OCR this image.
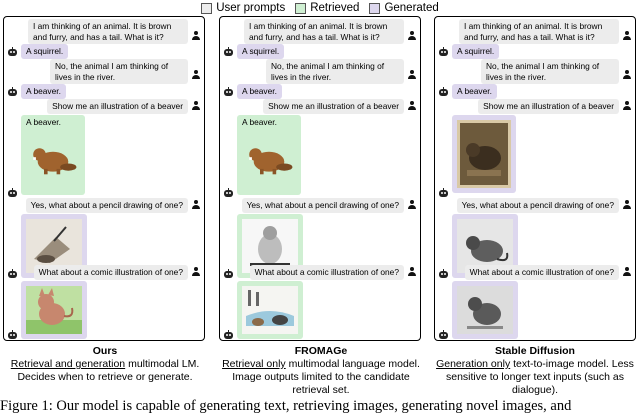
User prompts Retrieved Generated
I am thinking of an animal. It is brown and furry, and has a tail. What is it?
A squirrel.
No, the animal I am thinking of lives in the river.
A beaver.
Show me an illustration of a beaver
A beaver.
Yes, what about a pencil drawing of one?
What about a comic illustration of one?
I am thinking of an animal. It is brown and furry, and has a tail. What is it?
A squirrel.
No, the animal I am thinking of lives in the river.
A beaver.
Show me an illustration of a beaver
A beaver.
Yes, what about a pencil drawing of one?
What about a comic illustration of one?
I am thinking of an animal. It is brown and furry, and has a tail. What is it?
A squirrel.
No, the animal I am thinking of lives in the river.
A beaver.
Show me an illustration of a beaver
Yes, what about a pencil drawing of one?
What about a comic illustration of one?
Ours
Retrieval and generation multimodal LM. Decides when to retrieve or generate.
FROMAGe
Retrieval only multimodal language model. Image outputs limited to the candidate retrieval set.
Stable Diffusion
Generation only text-to-image model. Less sensitive to longer text inputs (such as dialogue).
Figure 1: Our model is capable of generating text, retrieving images, generating novel images, and
